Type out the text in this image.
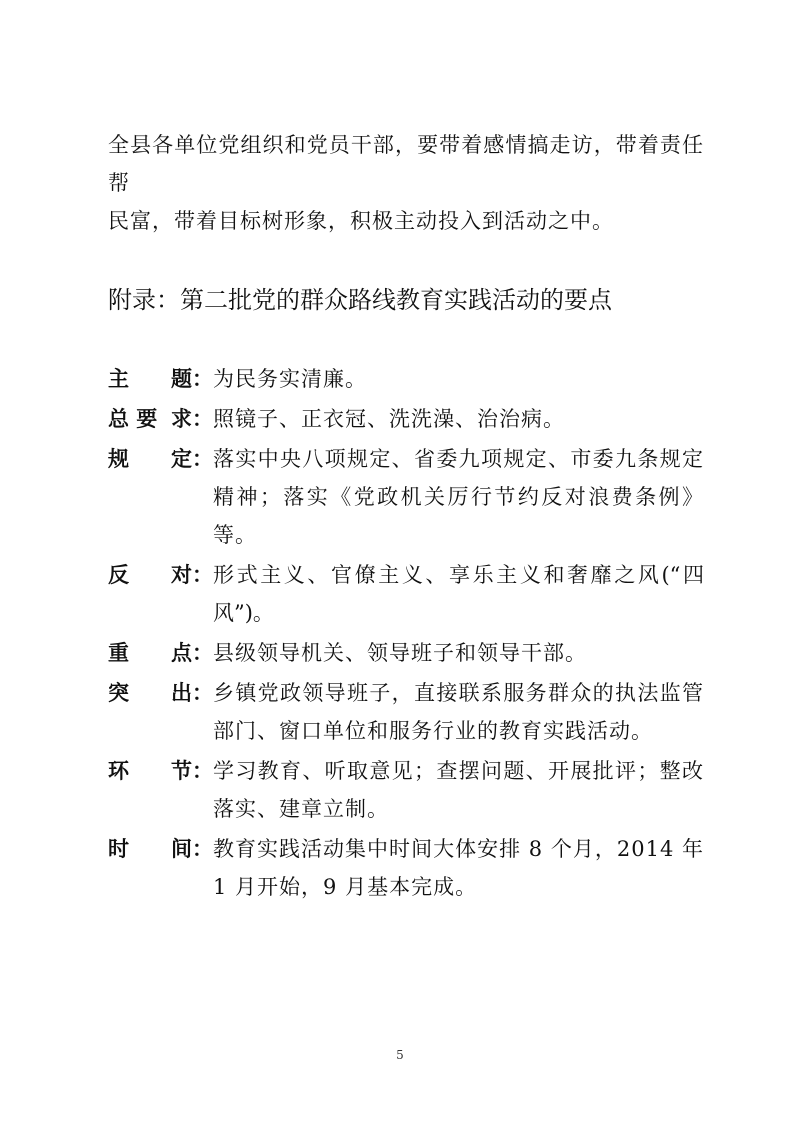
全县各单位党组织和党员干部，要带着感情搞走访，带着责任帮

民富，带着目标树形象，积极主动投入到活动之中。

附录：第二批党的群众路线教育实践活动的要点
主 题： 为民务实清廉。
总 要 求： 照镜子、正衣冠、洗洗澡、治治病。
规 定： 落实中央八项规定、省委九项规定、市委九条规定精神；落实《党政机关厉行节约反对浪费条例》等。
反 对： 形式主义、官僚主义、享乐主义和奢靡之风(“四风”)。
重 点： 县级领导机关、领导班子和领导干部。
突 出： 乡镇党政领导班子，直接联系服务群众的执法监管部门、窗口单位和服务行业的教育实践活动。
环 节： 学习教育、听取意见；查摆问题、开展批评；整改落实、建章立制。
时 间： 教育实践活动集中时间大体安排 8 个月，2014 年 1 月开始，9 月基本完成。
5
